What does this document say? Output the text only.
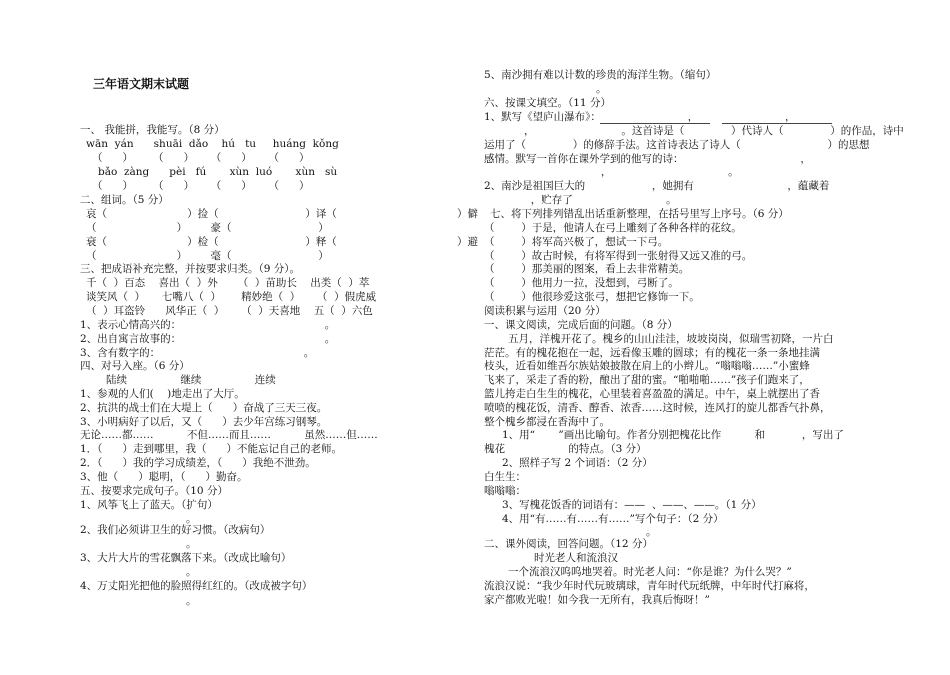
三年语文期末试题
一、 我能拼，我能写。（8 分）
wān  yán      shuāi  dǎo    hú   tu     huáng  kǒng
（      ）      （      ）     （      ）     （      ）
bǎo  zàng      pèi   fú       xùn  luó       xùn   sù
（      ）      （      ）     （      ）     （      ）
二、组词。（5 分）
哀（                        ）捡（                          ）译（                                    ）僻
（                        ）       豪（                          ）
衰（                        ）检（                          ）释（                                    ）避
（                        ）       毫（                          ）
三、把成语补充完整，并按要求归类。（9 分）。
千（  ）百态    喜出（  ）外      （  ）苗助长    出类（  ）萃
谈笑风（  ）     七嘴八（  ）      精妙绝（  ）     （  ）假虎威
（  ）耳盗铃      风华正（  ）     （  ）天喜地    五（  ）六色
1、表示心情高兴的：                                           。
2、出自寓言故事的：                                           。
3、含有数字的：                                           。
四、对号入座。（6 分）
陆续                继续                连续
1、参观的人们(    )地走出了大厅。
2、抗洪的战士们在大堤上（      ）奋战了三天三夜。
3、小明病好了以后，又（      ）去少年宫练习钢琴。
无论……都……          不但……而且……          虽然……但……
1．（      ）走到哪里，我（      ）不能忘记自己的老师。
2．（      ）我的学习成绩差，（      ）我绝不泄劲。
3、他（      ）聪明，（      ）勤奋。
五、按要求完成句子。（10 分）
1、风筝飞上了蓝天。（扩句）
。
2、我们必须讲卫生的好习惯。（改病句）
。
3、大片大片的雪花飘落下来。（改成比喻句）
。
4、万丈阳光把他的脸照得红红的。（改成被字句）
。
5、南沙拥有难以计数的珍贵的海洋生物。（缩句）
。
六、按课文填空。（11 分）
1、默写《望庐山瀑布》：                          ，                          ，
，                          。这首诗是（              ）代诗人（              ）的作品，诗中
运用了（              ）的修辞手法。这首诗表达了诗人（                          ）的思想
感情。默写一首你在课外学到的他写的诗：                                   ，
，                                   。
2、南沙是祖国巨大的                    ，她拥有                            ，蕴藏着
，贮存了                            。
七、将下列排列错乱出话重新整理，在括号里写上序号。（6 分）
（        ）于是，他请人在弓上雕刻了各种各样的花纹。
（        ）将军高兴极了，想试一下弓。
（        ）故古时候，有将军得到一张射得又远又准的弓。
（        ）那美丽的图案，看上去非常精美。
（        ）他用力一拉，没想到，弓断了。
（        ）他很珍爱这张弓，想把它修饰一下。
阅读积累与运用（20 分）
一、课文阅读，完成后面的问题。（8 分）
五月，洋槐开花了。槐乡的山山洼洼，坡坡岗岗，似瑞雪初降，一片白
茫茫。有的槐花抱在一起，远看像玉雕的圆球；有的槐花一条一条地挂满
枝头，近看如维吾尔族姑娘披散在肩上的小辫儿。“嗡嗡嗡……”小蜜蜂
飞来了，采走了香的粉，酿出了甜的蜜。“啪啪啪……”孩子们跑来了，
篮儿挎走白生生的槐花，心里装着喜盈盈的满足。中午，桌上就摆出了香
喷喷的槐花饭，清香、醇香、浓香……这时候，连风打的旋儿都香气扑鼻，
整个槐乡都浸在香海中了。
1、用“       ”画出比喻句。作者分别把槐花比作          和           ，写出了
槐花                   的特点。（3 分）
2、照样子写 2 个词语：（2 分）
白生生：
嗡嗡嗡：
3、写槐花饭香的词语有：——  、——、——。（1 分）
4、用“有……有……有……”写个句子：（2 分）
。
二、课外阅读，回答问题。（12 分）
时光老人和流浪汉
一个流浪汉呜呜地哭着。时光老人问：“你是谁？为什么哭？”
流浪汉说：“我少年时代玩玻璃球，青年时代玩纸牌，中年时代打麻将，
家产都败光啦！如今我一无所有，我真后悔呀！”
